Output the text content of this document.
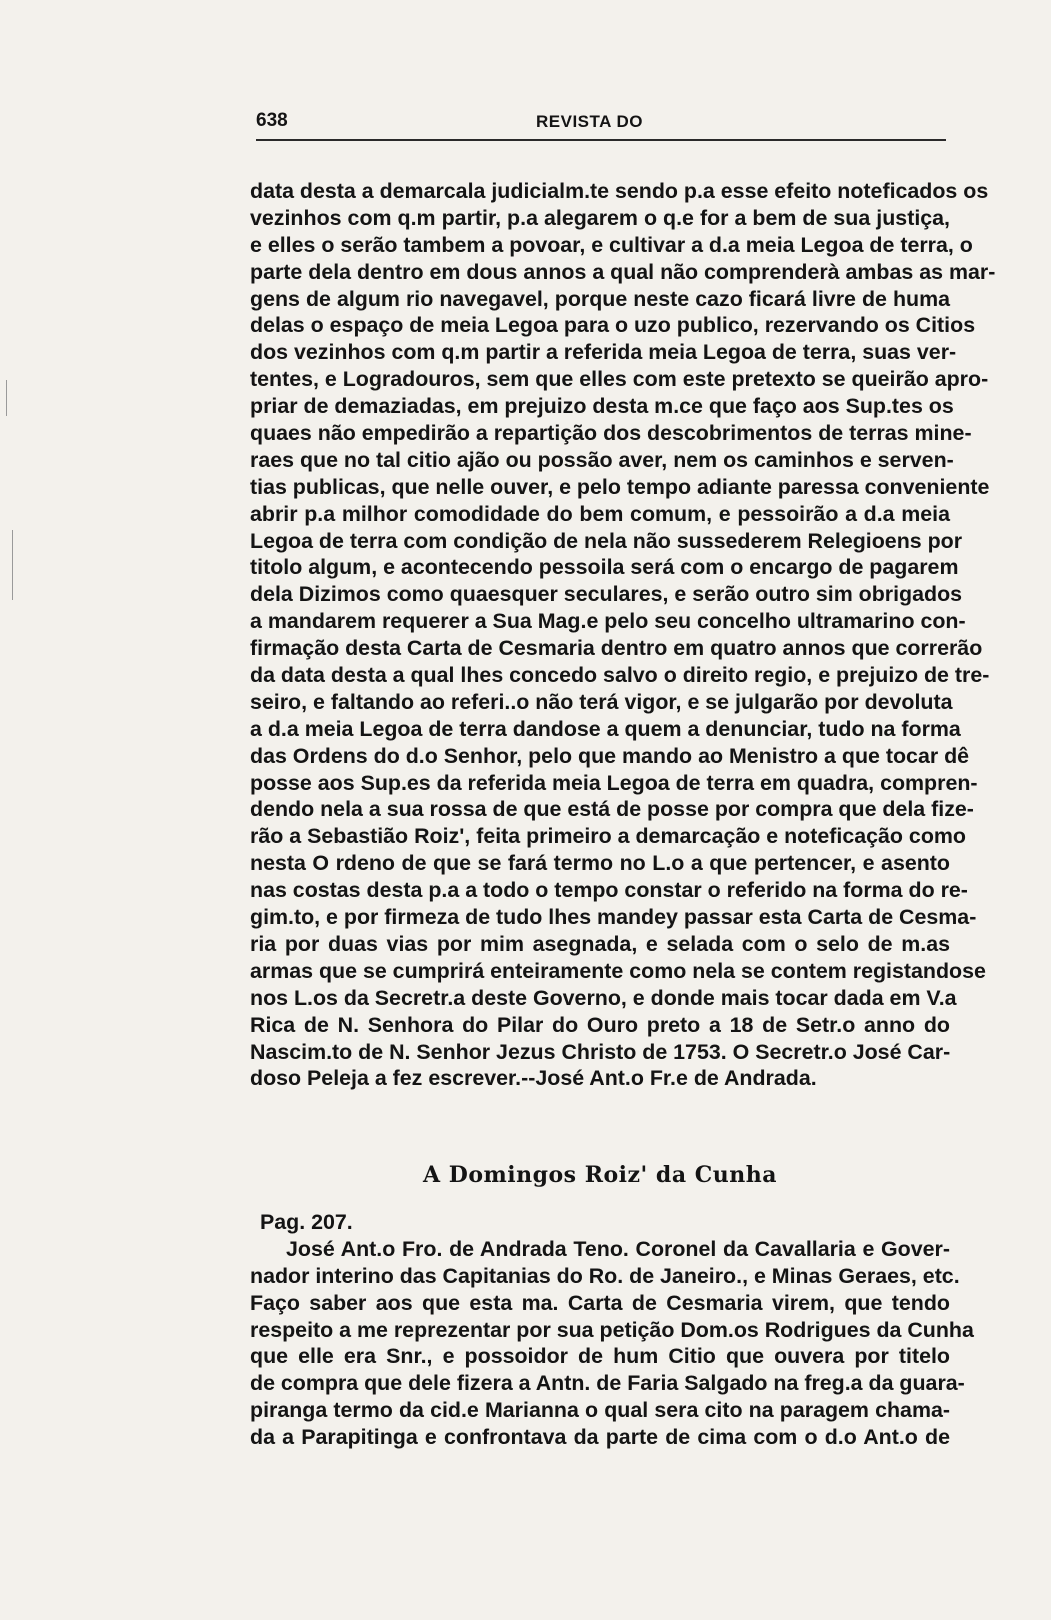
638	REVISTA DO
data desta a demarcala judicialm.te sendo p.a esse efeito noteficados os
vezinhos com q.m partir, p.a alegarem o q.e for a bem de sua justiça,
e elles o serão tambem a povoar, e cultivar a d.a meia Legoa de terra, o
parte dela dentro em dous annos a qual não comprenderà ambas as mar-
gens de algum rio navegavel, porque neste cazo ficará livre de huma
delas o espaço de meia Legoa para o uzo publico, rezervando os Citios
dos vezinhos com q.m partir a referida meia Legoa de terra, suas ver-
tentes, e Logradouros, sem que elles com este pretexto se queirão apro-
priar de demaziadas, em prejuizo desta m.ce que faço aos Sup.tes os
quaes não empedirão a repartição dos descobrimentos de terras mine-
raes que no tal citio ajão ou possão aver, nem os caminhos e serven-
tias publicas, que nelle ouver, e pelo tempo adiante paressa conveniente
abrir p.a milhor comodidade do bem comum, e pessoirão a d.a meia
Legoa de terra com condição de nela não sussederem Relegioens por
titolo algum, e acontecendo pessoila será com o encargo de pagarem
dela Dizimos como quaesquer seculares, e serão outro sim obrigados
a mandarem requerer a Sua Mag.e pelo seu concelho ultramarino con-
firmação desta Carta de Cesmaria dentro em quatro annos que correrão
da data desta a qual lhes concedo salvo o direito regio, e prejuizo de tre-
seiro, e faltando ao referi..o não terá vigor, e se julgarão por devoluta
a d.a meia Legoa de terra dandose a quem a denunciar, tudo na forma
das Ordens do d.o Senhor, pelo que mando ao Menistro a que tocar dê
posse aos Sup.es da referida meia Legoa de terra em quadra, compren-
dendo nela a sua rossa de que está de posse por compra que dela fize-
rão a Sebastião Roiz', feita primeiro a demarcação e noteficação como
nesta O rdeno de que se fará termo no L.o a que pertencer, e asento
nas costas desta p.a a todo o tempo constar o referido na forma do re-
gim.to, e por firmeza de tudo lhes mandey passar esta Carta de Cesma-
ria por duas vias por mim asegnada, e selada com o selo de m.as
armas que se cumprirá enteiramente como nela se contem registandose
nos L.os da Secretr.a deste Governo, e donde mais tocar dada em V.a
Rica de N. Senhora do Pilar do Ouro preto a 18 de Setr.o anno do
Nascim.to de N. Senhor Jezus Christo de 1753. O Secretr.o José Car-
doso Peleja a fez escrever.--José Ant.o Fr.e de Andrada.
A Domingos Roiz' da Cunha
Pag. 207.
José Ant.o Fro. de Andrada Teno. Coronel da Cavallaria e Gover-
nador interino das Capitanias do Ro. de Janeiro., e Minas Geraes, etc.
Faço saber aos que esta ma. Carta de Cesmaria virem, que tendo
respeito a me reprezentar por sua petição Dom.os Rodrigues da Cunha
que elle era Snr., e possoidor de hum Citio que ouvera por titelo
de compra que dele fizera a Antn. de Faria Salgado na freg.a da guara-
piranga termo da cid.e Marianna o qual sera cito na paragem chama-
da a Parapitinga e confrontava da parte de cima com o d.o Ant.o de
